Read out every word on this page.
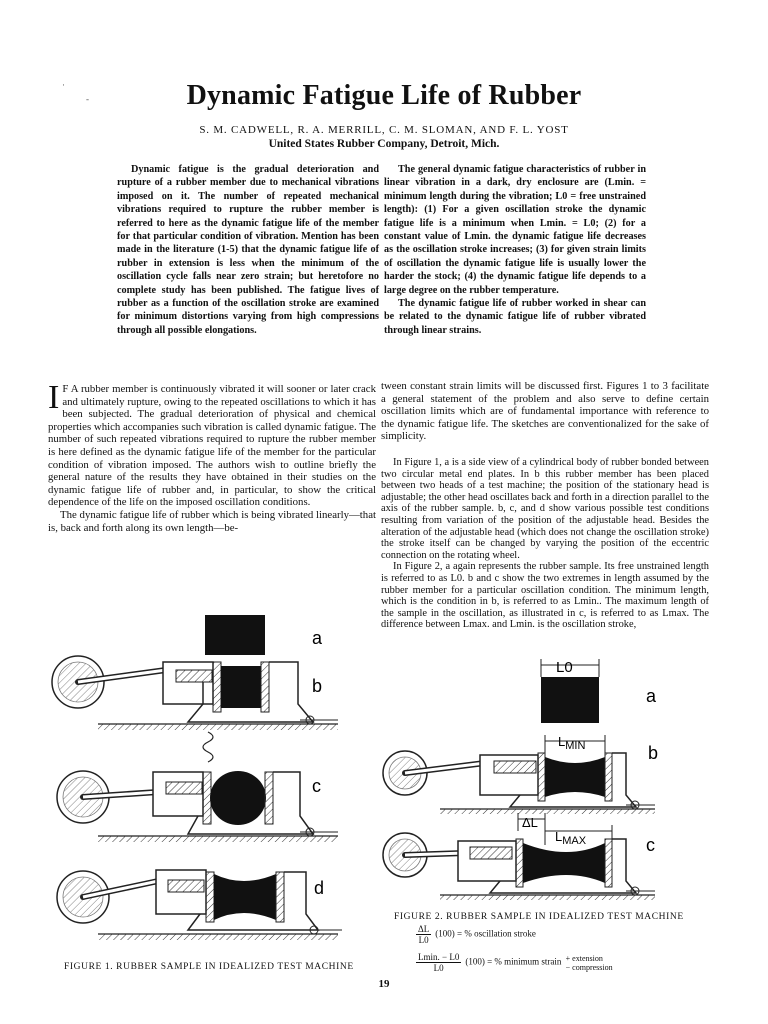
·
-	Dynamic Fatigue Life of Rubber
S. M. CADWELL, R. A. MERRILL, C. M. SLOMAN, AND F. L. YOST
United States Rubber Company, Detroit, Mich.

Dynamic fatigue is the gradual deterioration and rupture of a rubber member due to mechanical vibrations imposed on it. The number of repeated mechanical vibrations required to rupture the rubber member is referred to here as the dynamic fatigue life of the member for that particular condition of vibration. Mention has been made in the literature (1-5) that the dynamic fatigue life of rubber in extension is less when the minimum of the oscillation cycle falls near zero strain; but heretofore no complete study has been published. The fatigue lives of rubber as a function of the oscillation stroke are examined for minimum distortions varying from high compressions through all possible elongations.

The general dynamic fatigue characteristics of rubber in linear vibration in a dark, dry enclosure are (Lmin. = minimum length during the vibration; L0 = free unstrained length): (1) For a given oscillation stroke the dynamic fatigue life is a minimum when Lmin. = L0; (2) for a constant value of Lmin. the dynamic fatigue life decreases as the oscillation stroke increases; (3) for given strain limits of oscillation the dynamic fatigue life is usually lower the harder the stock; (4) the dynamic fatigue life depends to a large degree on the rubber temperature.

The dynamic fatigue life of rubber worked in shear can be related to the dynamic fatigue life of rubber vibrated through linear strains.

I F A rubber member is continuously vibrated it will sooner or later crack and ultimately rupture, owing to the repeated oscillations to which it has been subjected. The gradual deterioration of physical and chemical properties which accompanies such vibration is called dynamic fatigue. The number of such repeated vibrations required to rupture the rubber member is here defined as the dynamic fatigue life of the member for the particular condition of vibration imposed. The authors wish to outline briefly the general nature of the results they have obtained in their studies on the dynamic fatigue life of rubber and, in particular, to show the critical dependence of the life on the imposed oscillation conditions.

The dynamic fatigue life of rubber which is being vibrated linearly—that is, back and forth along its own length—be-

tween constant strain limits will be discussed first. Figures 1 to 3 facilitate a general statement of the problem and also serve to define certain oscillation limits which are of fundamental importance with reference to the dynamic fatigue life. The sketches are conventionalized for the sake of simplicity.

In Figure 1, a is a side view of a cylindrical body of rubber bonded between two circular metal end plates. In b this rubber member has been placed between two heads of a test machine; the position of the stationary head is adjustable; the other head oscillates back and forth in a direction parallel to the axis of the rubber sample. b, c, and d show various possible test conditions resulting from variation of the position of the adjustable head. Besides the alteration of the adjustable head (which does not change the oscillation stroke) the stroke itself can be changed by varying the position of the eccentric connection on the rotating wheel.

In Figure 2, a again represents the rubber sample. Its free unstrained length is referred to as L0. b and c show the two extremes in length assumed by the rubber member for a particular oscillation condition. The minimum length, which is the condition in b, is referred to as Lmin.. The maximum length of the sample in the oscillation, as illustrated in c, is referred to as Lmax. The difference between Lmax. and Lmin. is the oscillation stroke,

a
b
c
d
FIGURE 1. RUBBER SAMPLE IN IDEALIZED TEST MACHINE
L0
a
$L_{MIN}$	b
ΔL
$L_{MAX}$	c
FIGURE 2. RUBBER SAMPLE IN IDEALIZED TEST MACHINE
$\frac{\Delta L}{L0} (100)$ = % oscillation stroke
$\frac{Lmin. - L0}{L0} (100)$ = % minimum strain + extension
− compression
19
